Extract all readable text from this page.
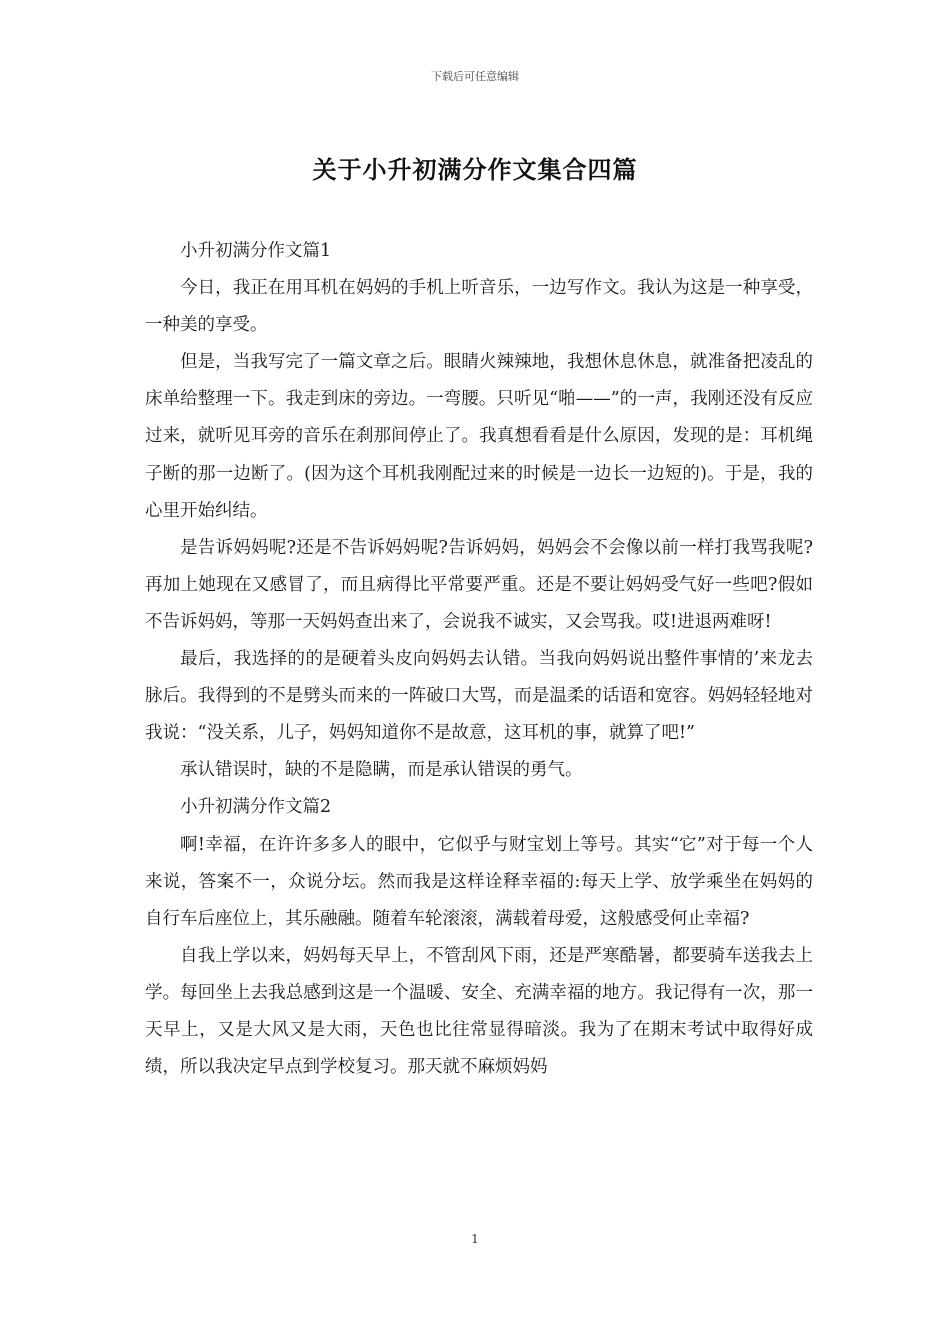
下载后可任意编辑
关于小升初满分作文集合四篇

小升初满分作文篇1

今日，我正在用耳机在妈妈的手机上听音乐，一边写作文。我认为这是一种享受，一种美的享受。

但是，当我写完了一篇文章之后。眼睛火辣辣地，我想休息休息，就准备把凌乱的床单给整理一下。我走到床的旁边。一弯腰。只听见“啪——”的一声，我刚还没有反应过来，就听见耳旁的音乐在刹那间停止了。我真想看看是什么原因，发现的是：耳机绳子断的那一边断了。(因为这个耳机我刚配过来的时候是一边长一边短的)。于是，我的心里开始纠结。

是告诉妈妈呢?还是不告诉妈妈呢?告诉妈妈，妈妈会不会像以前一样打我骂我呢?再加上她现在又感冒了，而且病得比平常要严重。还是不要让妈妈受气好一些吧?假如不告诉妈妈，等那一天妈妈查出来了，会说我不诚实，又会骂我。哎!进退两难呀!

最后，我选择的的是硬着头皮向妈妈去认错。当我向妈妈说出整件事情的’来龙去脉后。我得到的不是劈头而来的一阵破口大骂，而是温柔的话语和宽容。妈妈轻轻地对我说：“没关系，儿子，妈妈知道你不是故意，这耳机的事，就算了吧!”

承认错误时，缺的不是隐瞒，而是承认错误的勇气。

小升初满分作文篇2

啊!幸福，在许许多多人的眼中，它似乎与财宝划上等号。其实“它”对于每一个人来说，答案不一，众说分坛。然而我是这样诠释幸福的:每天上学、放学乘坐在妈妈的自行车后座位上，其乐融融。随着车轮滚滚，满载着母爱，这般感受何止幸福?

自我上学以来，妈妈每天早上，不管刮风下雨，还是严寒酷暑，都要骑车送我去上学。每回坐上去我总感到这是一个温暖、安全、充满幸福的地方。我记得有一次，那一天早上，又是大风又是大雨，天色也比往常显得暗淡。我为了在期末考试中取得好成绩，所以我决定早点到学校复习。那天就不麻烦妈妈

1
